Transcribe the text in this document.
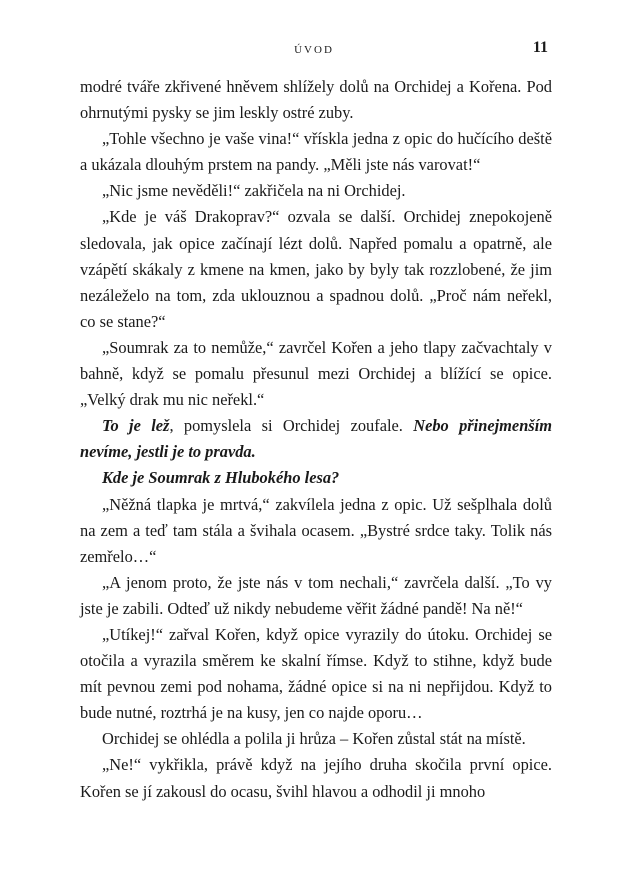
ÚVOD	11

modré tváře zkřivené hněvem shlížely dolů na Orchidej a Kořena. Pod ohrnutými pysky se jim leskly ostré zuby.

„Tohle všechno je vaše vina!“ vřískla jedna z opic do hučícího deště a ukázala dlouhým prstem na pandy. „Měli jste nás varovat!“

„Nic jsme nevěděli!“ zakřičela na ni Orchidej.

„Kde je váš Drakoprav?“ ozvala se další. Orchidej znepokojeně sledovala, jak opice začínají lézt dolů. Napřed pomalu a opatrně, ale vzápětí skákaly z kmene na kmen, jako by byly tak rozzlobené, že jim nezáleželo na tom, zda uklouznou a spadnou dolů. „Proč nám neřekl, co se stane?“

„Soumrak za to nemůže,“ zavrčel Kořen a jeho tlapy začvachtaly v bahně, když se pomalu přesunul mezi Orchidej a blížící se opice. „Velký drak mu nic neřekl.“

To je lež, pomyslela si Orchidej zoufale. Nebo přinejmenším nevíme, jestli je to pravda.

Kde je Soumrak z Hlubokého lesa?

„Něžná tlapka je mrtvá,“ zakvílela jedna z opic. Už sešplhala dolů na zem a teď tam stála a švihala ocasem. „Bystré srdce taky. Tolik nás zemřelo…“

„A jenom proto, že jste nás v tom nechali,“ zavrčela další. „To vy jste je zabili. Odteď už nikdy nebudeme věřit žádné pandě! Na ně!“

„Utíkej!“ zařval Kořen, když opice vyrazily do útoku. Orchidej se otočila a vyrazila směrem ke skalní římse. Když to stihne, když bude mít pevnou zemi pod nohama, žádné opice si na ni nepřijdou. Když to bude nutné, roztrhá je na kusy, jen co najde oporu…

Orchidej se ohlédla a polila ji hrůza – Kořen zůstal stát na místě.

„Ne!“ vykřikla, právě když na jejího druha skočila první opice. Kořen se jí zakousl do ocasu, švihl hlavou a odhodil ji mnoho
